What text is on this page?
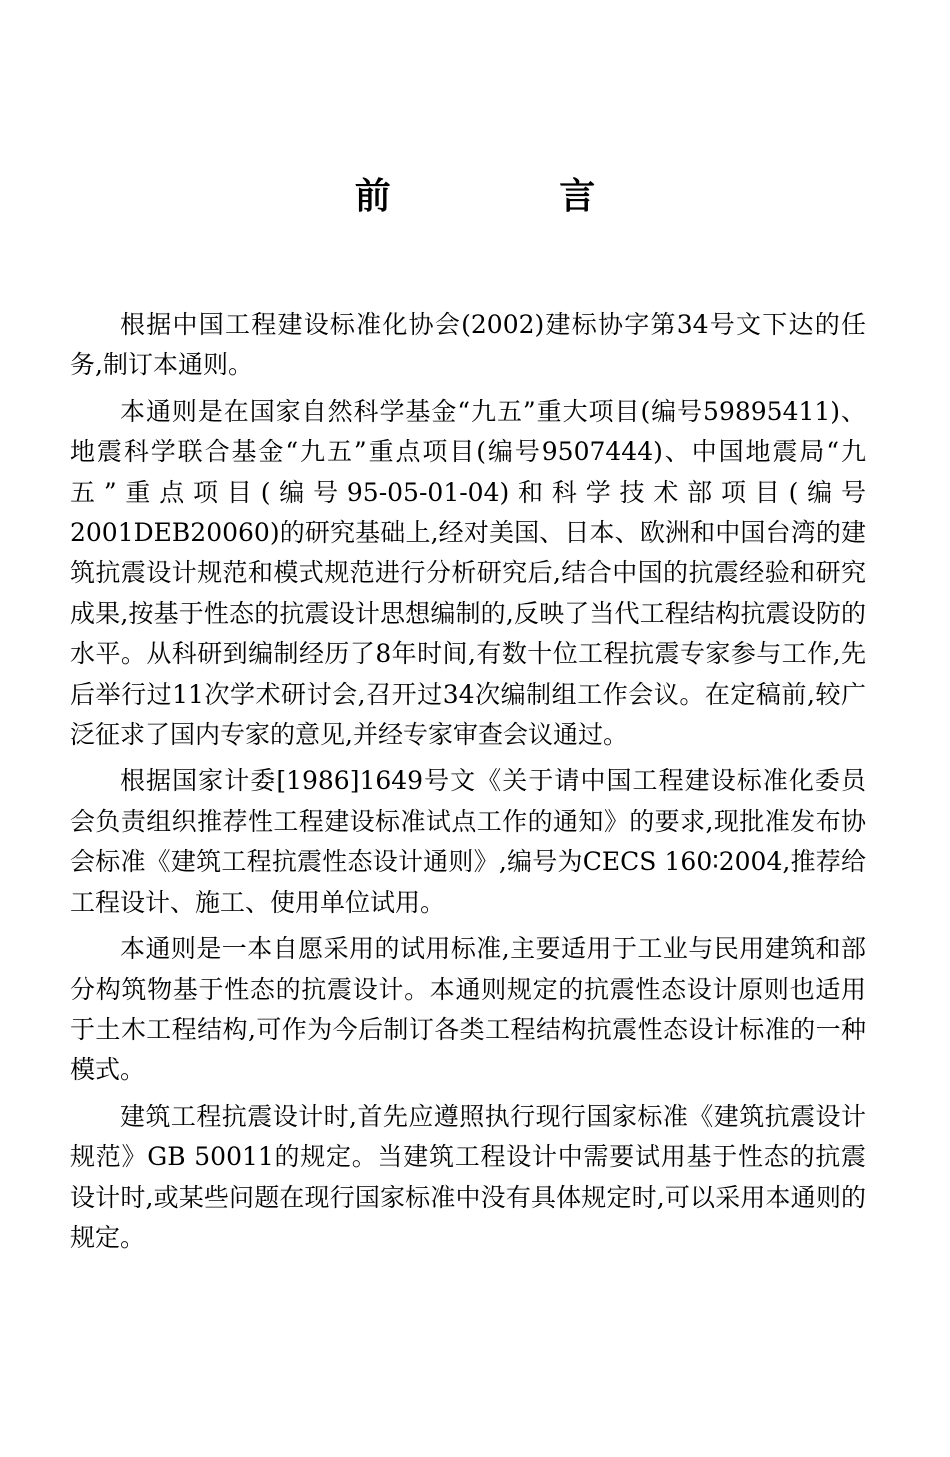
前 言

根据中国工程建设标准化协会(2002)建标协字第34号文下达的任务,制订本通则。

本通则是在国家自然科学基金“九五”重大项目(编号59895411)、地震科学联合基金“九五”重点项目(编号9507444)、中国地震局“九五”重点项目(编号95-05-01-04)和科学技术部项目(编号2001DEB20060)的研究基础上,经对美国、日本、欧洲和中国台湾的建筑抗震设计规范和模式规范进行分析研究后,结合中国的抗震经验和研究成果,按基于性态的抗震设计思想编制的,反映了当代工程结构抗震设防的水平。从科研到编制经历了8年时间,有数十位工程抗震专家参与工作,先后举行过11次学术研讨会,召开过34次编制组工作会议。在定稿前,较广泛征求了国内专家的意见,并经专家审查会议通过。

根据国家计委[1986]1649号文《关于请中国工程建设标准化委员会负责组织推荐性工程建设标准试点工作的通知》的要求,现批准发布协会标准《建筑工程抗震性态设计通则》,编号为CECS 160∶2004,推荐给工程设计、施工、使用单位试用。

本通则是一本自愿采用的试用标准,主要适用于工业与民用建筑和部分构筑物基于性态的抗震设计。本通则规定的抗震性态设计原则也适用于土木工程结构,可作为今后制订各类工程结构抗震性态设计标准的一种模式。

建筑工程抗震设计时,首先应遵照执行现行国家标准《建筑抗震设计规范》GB 50011的规定。当建筑工程设计中需要试用基于性态的抗震设计时,或某些问题在现行国家标准中没有具体规定时,可以采用本通则的规定。
